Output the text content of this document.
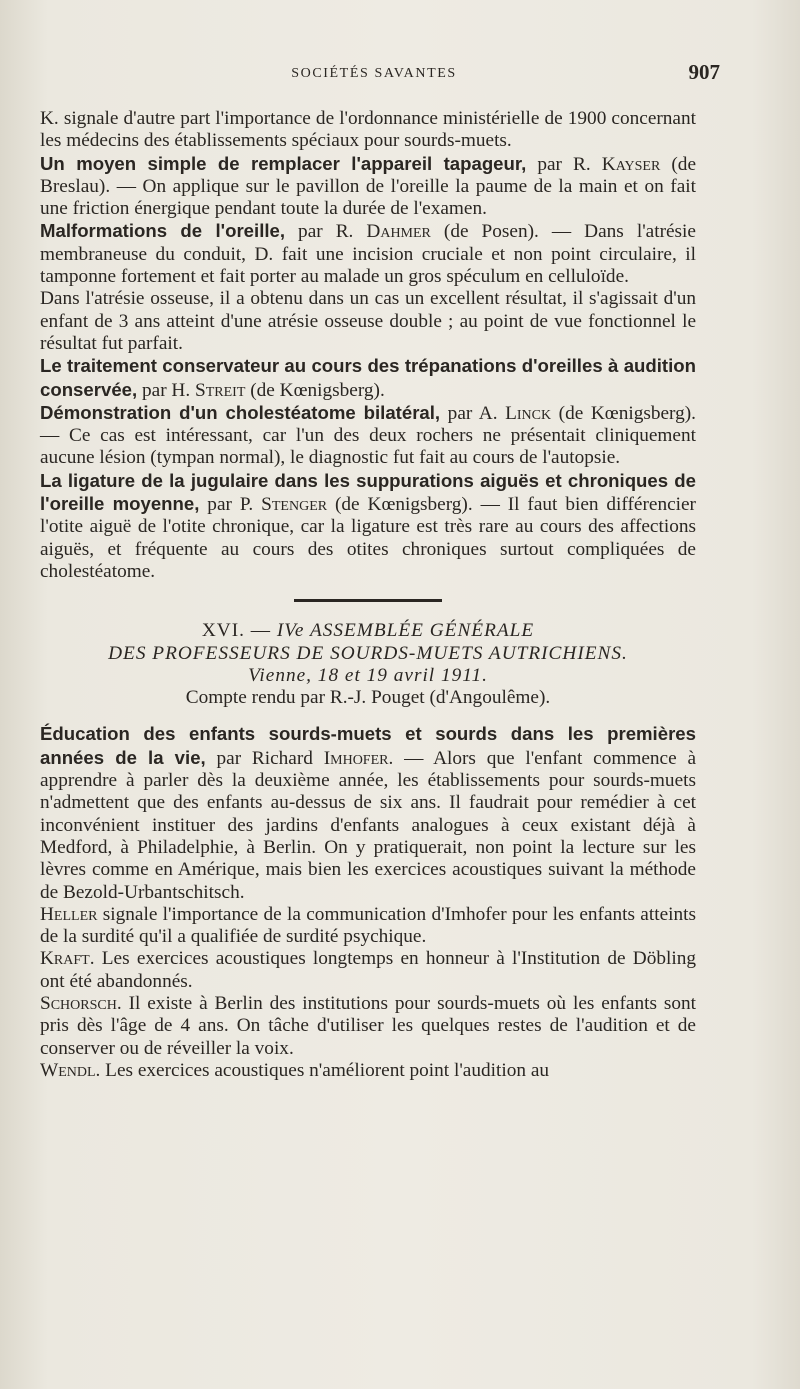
SOCIÉTÉS SAVANTES	907

K. signale d'autre part l'importance de l'ordonnance ministérielle de 1900 concernant les médecins des établissements spéciaux pour sourds-muets.

Un moyen simple de remplacer l'appareil tapageur, par R. Kayser (de Breslau). — On applique sur le pavillon de l'oreille la paume de la main et on fait une friction énergique pendant toute la durée de l'examen.

Malformations de l'oreille, par R. Dahmer (de Posen). — Dans l'atrésie membraneuse du conduit, D. fait une incision cruciale et non point circulaire, il tamponne fortement et fait porter au malade un gros spéculum en celluloïde.

Dans l'atrésie osseuse, il a obtenu dans un cas un excellent résultat, il s'agissait d'un enfant de 3 ans atteint d'une atrésie osseuse double ; au point de vue fonctionnel le résultat fut parfait.

Le traitement conservateur au cours des trépanations d'oreilles à audition conservée, par H. Streit (de Kœnigsberg).

Démonstration d'un cholestéatome bilatéral, par A. Linck (de Kœnigsberg). — Ce cas est intéressant, car l'un des deux rochers ne présentait cliniquement aucune lésion (tympan normal), le diagnostic fut fait au cours de l'autopsie.

La ligature de la jugulaire dans les suppurations aiguës et chroniques de l'oreille moyenne, par P. Stenger (de Kœnigsberg). — Il faut bien différencier l'otite aiguë de l'otite chronique, car la ligature est très rare au cours des affections aiguës, et fréquente au cours des otites chroniques surtout compliquées de cholestéatome.

XVI. — IVe ASSEMBLÉE GÉNÉRALE
DES PROFESSEURS DE SOURDS-MUETS AUTRICHIENS.
Vienne, 18 et 19 avril 1911.
Compte rendu par R.-J. Pouget (d'Angoulême).

Éducation des enfants sourds-muets et sourds dans les premières années de la vie, par Richard Imhofer. — Alors que l'enfant commence à apprendre à parler dès la deuxième année, les établissements pour sourds-muets n'admettent que des enfants au-dessus de six ans. Il faudrait pour remédier à cet inconvénient instituer des jardins d'enfants analogues à ceux existant déjà à Medford, à Philadelphie, à Berlin. On y pratiquerait, non point la lecture sur les lèvres comme en Amérique, mais bien les exercices acoustiques suivant la méthode de Bezold-Urbantschitsch.

Heller signale l'importance de la communication d'Imhofer pour les enfants atteints de la surdité qu'il a qualifiée de surdité psychique.

Kraft. Les exercices acoustiques longtemps en honneur à l'Institution de Döbling ont été abandonnés.

Schorsch. Il existe à Berlin des institutions pour sourds-muets où les enfants sont pris dès l'âge de 4 ans. On tâche d'utiliser les quelques restes de l'audition et de conserver ou de réveiller la voix.

Wendl. Les exercices acoustiques n'améliorent point l'audition au
